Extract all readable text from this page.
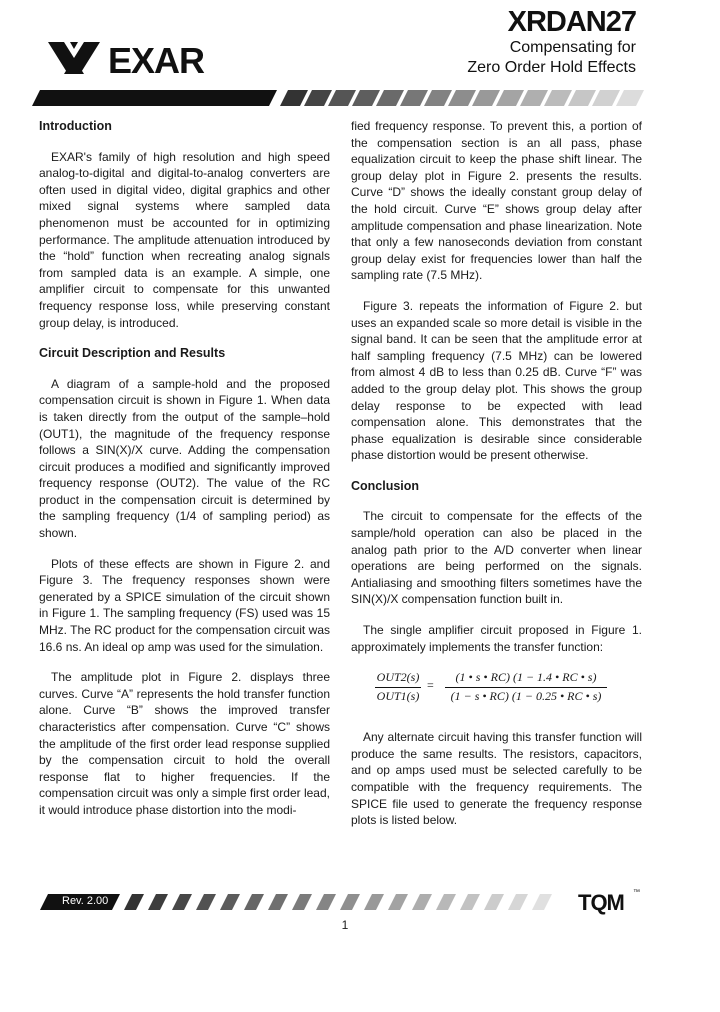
EXAR
XRDAN27
Compensating for
Zero Order Hold Effects
Introduction

EXAR's family of high resolution and high speed analog-to-digital and digital-to-analog converters are often used in digital video, digital graphics and other mixed signal systems where sampled data phenomenon must be accounted for in optimizing performance. The amplitude attenuation introduced by the “hold” function when recreating analog signals from sampled data is an example. A simple, one amplifier circuit to compensate for this unwanted frequency response loss, while preserving constant group delay, is introduced.

Circuit Description and Results

A diagram of a sample-hold and the proposed compensation circuit is shown in Figure 1. When data is taken directly from the output of the sample–hold (OUT1), the magnitude of the frequency response follows a SIN(X)/X curve. Adding the compensation circuit produces a modified and significantly improved frequency response (OUT2). The value of the RC product in the compensation circuit is determined by the sampling frequency (1/4 of sampling period) as shown.

Plots of these effects are shown in Figure 2. and Figure 3. The frequency responses shown were generated by a SPICE simulation of the circuit shown in Figure 1. The sampling frequency (FS) used was 15 MHz. The RC product for the compensation circuit was 16.6 ns. An ideal op amp was used for the simulation.

The amplitude plot in Figure 2. displays three curves. Curve “A” represents the hold transfer function alone. Curve “B” shows the improved transfer characteristics after compensation. Curve “C” shows the amplitude of the first order lead response supplied by the compensation circuit to hold the overall response flat to higher frequencies. If the compensation circuit was only a simple first order lead, it would introduce phase distortion into the modi-

fied frequency response. To prevent this, a portion of the compensation section is an all pass, phase equalization circuit to keep the phase shift linear. The group delay plot in Figure 2. presents the results. Curve “D” shows the ideally constant group delay of the hold circuit. Curve “E” shows group delay after amplitude compensation and phase linearization. Note that only a few nanoseconds deviation from constant group delay exist for frequencies lower than half the sampling rate (7.5 MHz).

Figure 3. repeats the information of Figure 2. but uses an expanded scale so more detail is visible in the signal band. It can be seen that the amplitude error at half sampling frequency (7.5 MHz) can be lowered from almost 4 dB to less than 0.25 dB. Curve “F” was added to the group delay plot. This shows the group delay response to be expected with lead compensation alone. This demonstrates that the phase equalization is desirable since considerable phase distortion would be present otherwise.

Conclusion

The circuit to compensate for the effects of the sample/hold operation can also be placed in the analog path prior to the A/D converter when linear operations are being performed on the signals. Antialiasing and smoothing filters sometimes have the SIN(X)/X compensation function built in.

The single amplifier circuit proposed in Figure 1. approximately implements the transfer function:

OUT2(s)
OUT1(s)
= $\frac{(1 • s • RC) (1 - 1.4 • RC • s)}{(1 - s • RC) (1 - 0.25 • RC • s)}$

Any alternate circuit having this transfer function will produce the same results. The resistors, capacitors, and op amps used must be selected carefully to be compatible with the frequency requirements. The SPICE file used to generate the frequency response plots is listed below.

Rev. 2.00	TQM ™
1
